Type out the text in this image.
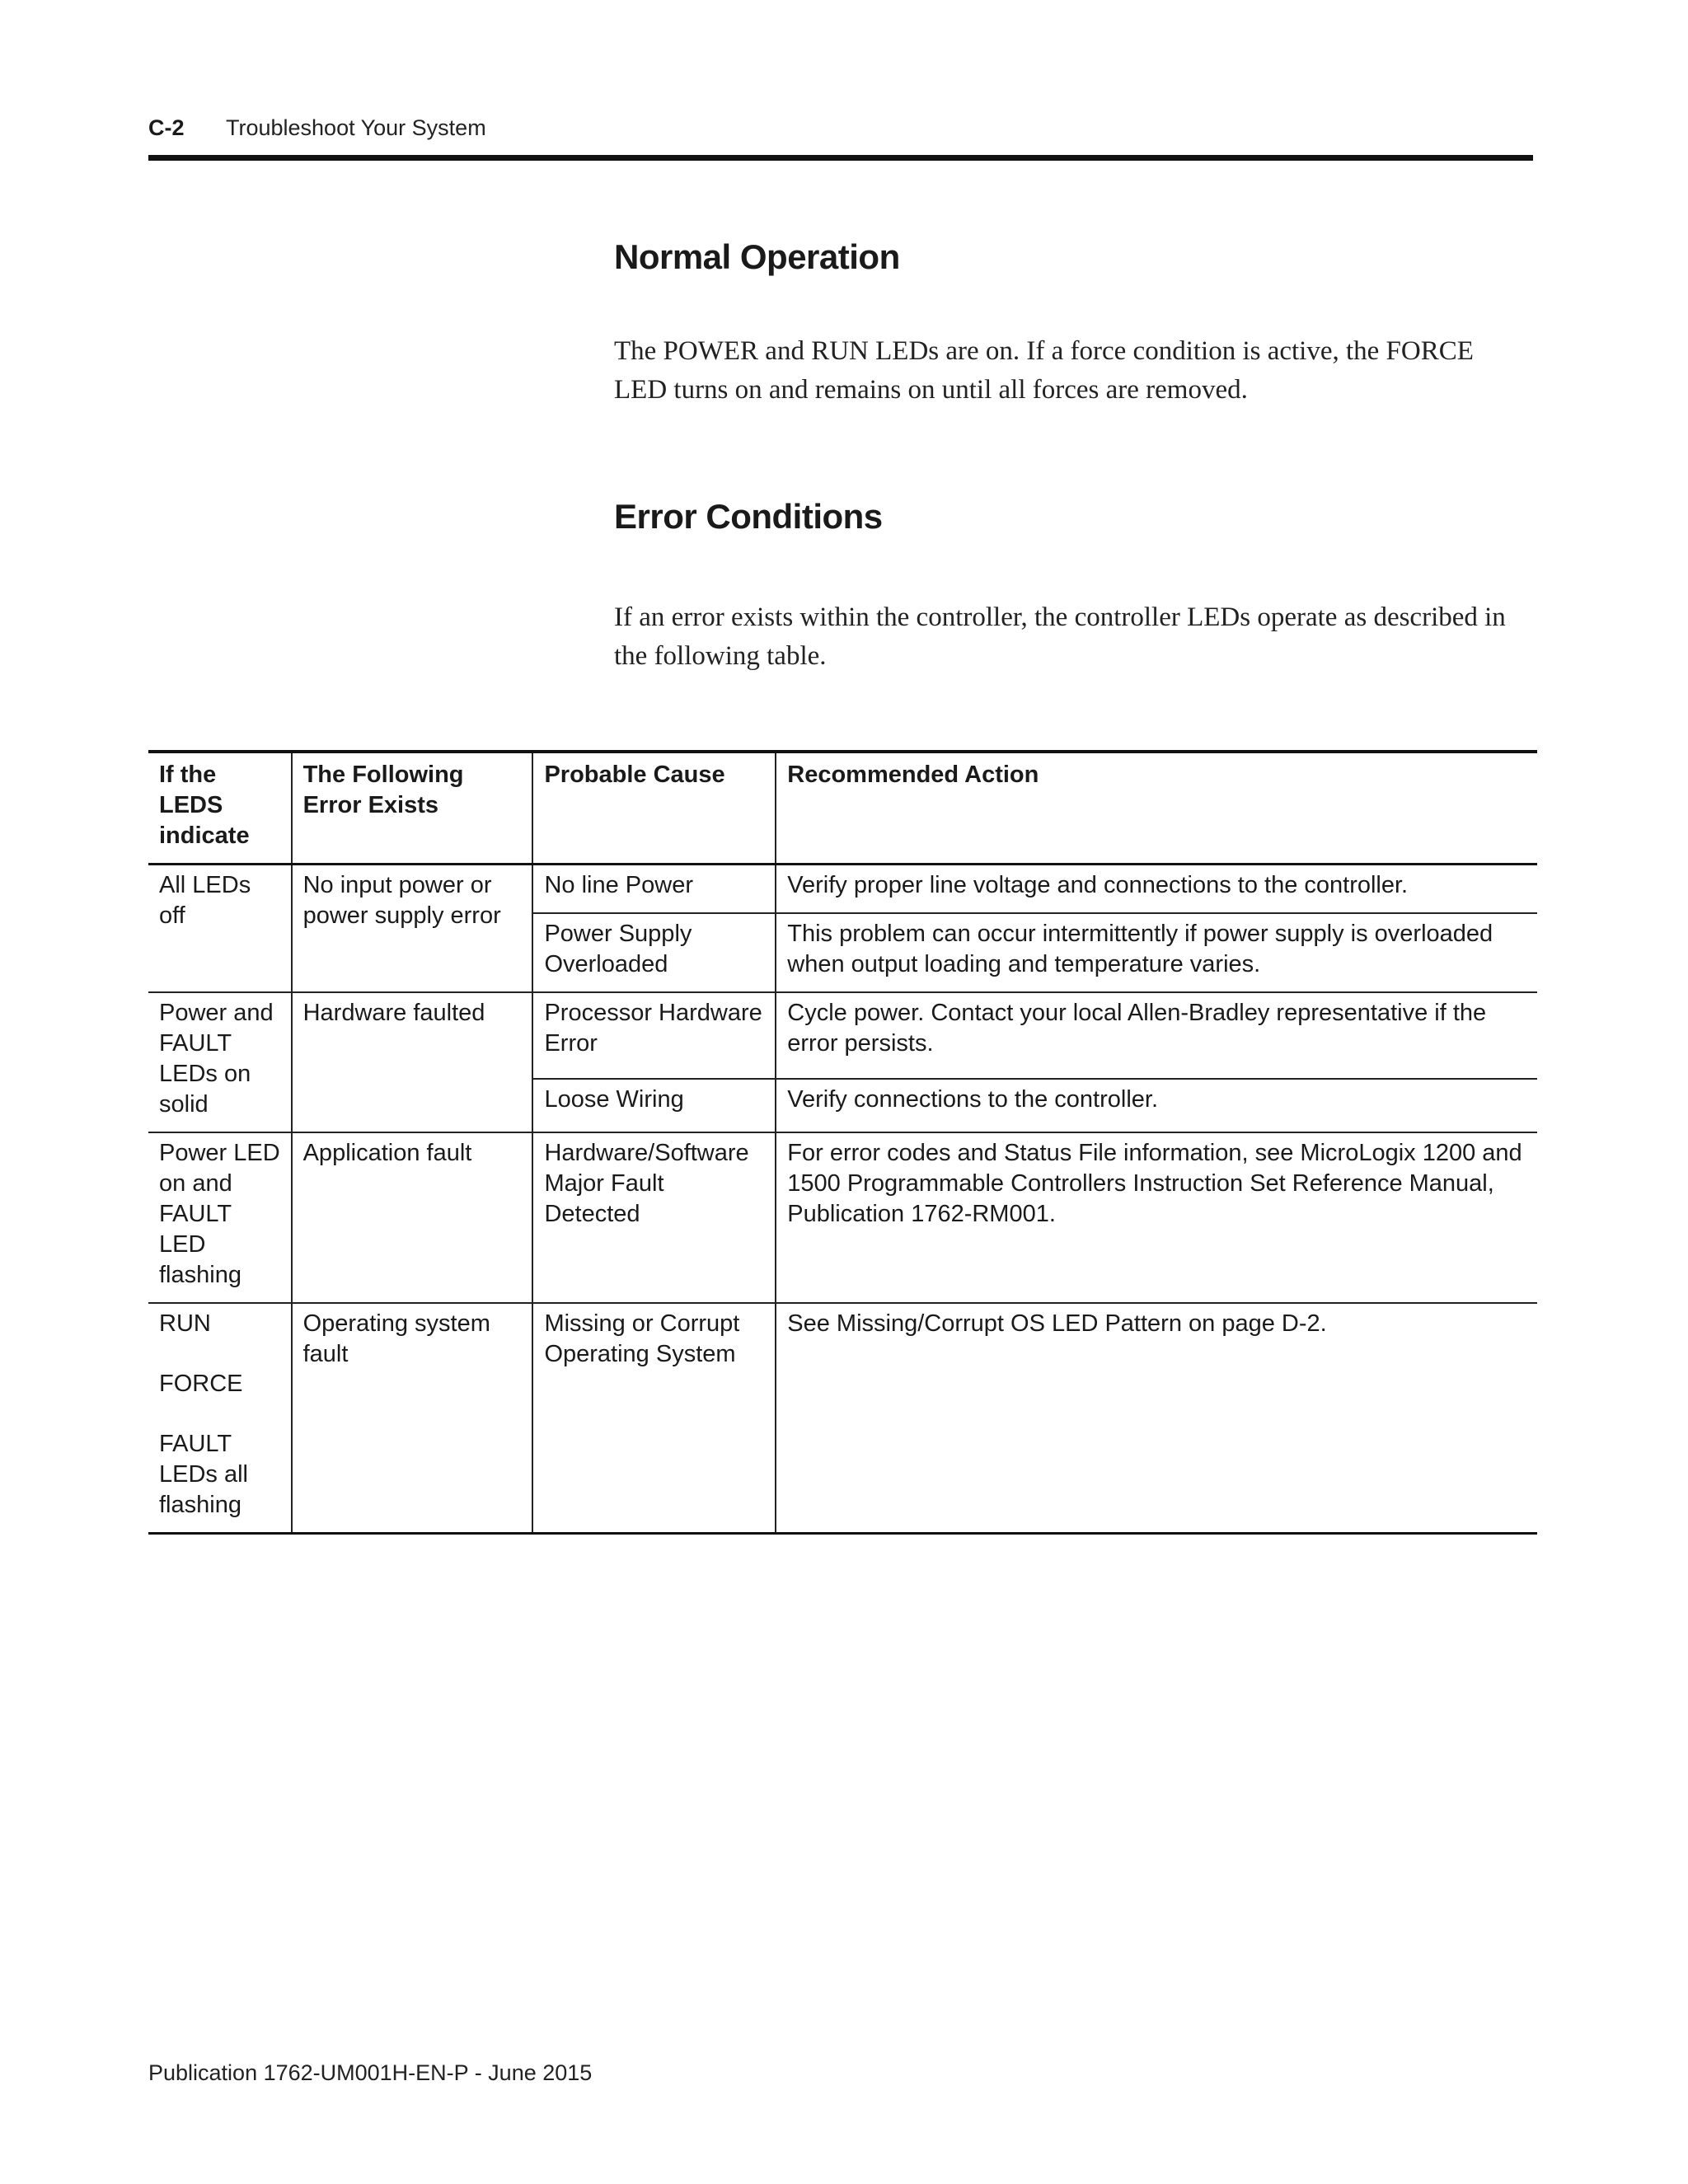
C-2	Troubleshoot Your System
Normal Operation

The POWER and RUN LEDs are on. If a force condition is active, the FORCE LED turns on and remains on until all forces are removed.

Error Conditions

If an error exists within the controller, the controller LEDs operate as described in the following table.

If the LEDS indicate	The Following Error Exists	Probable Cause	Recommended Action
All LEDs off	No input power or power supply error	No line Power	Verify proper line voltage and connections to the controller.
		Power Supply Overloaded	This problem can occur intermittently if power supply is overloaded when output loading and temperature varies.
Power and FAULT LEDs on solid	Hardware faulted	Processor Hardware Error	Cycle power. Contact your local Allen-Bradley representative if the error persists.
		Loose Wiring	Verify connections to the controller.
Power LED on and FAULT LED flashing	Application fault	Hardware/Software Major Fault Detected	For error codes and Status File information, see MicroLogix 1200 and 1500 Programmable Controllers Instruction Set Reference Manual, Publication 1762-RM001.
RUN
FORCE
FAULT LEDs all flashing	Operating system fault	Missing or Corrupt Operating System	See Missing/Corrupt OS LED Pattern on page D-2.
Publication 1762-UM001H-EN-P - June 2015
